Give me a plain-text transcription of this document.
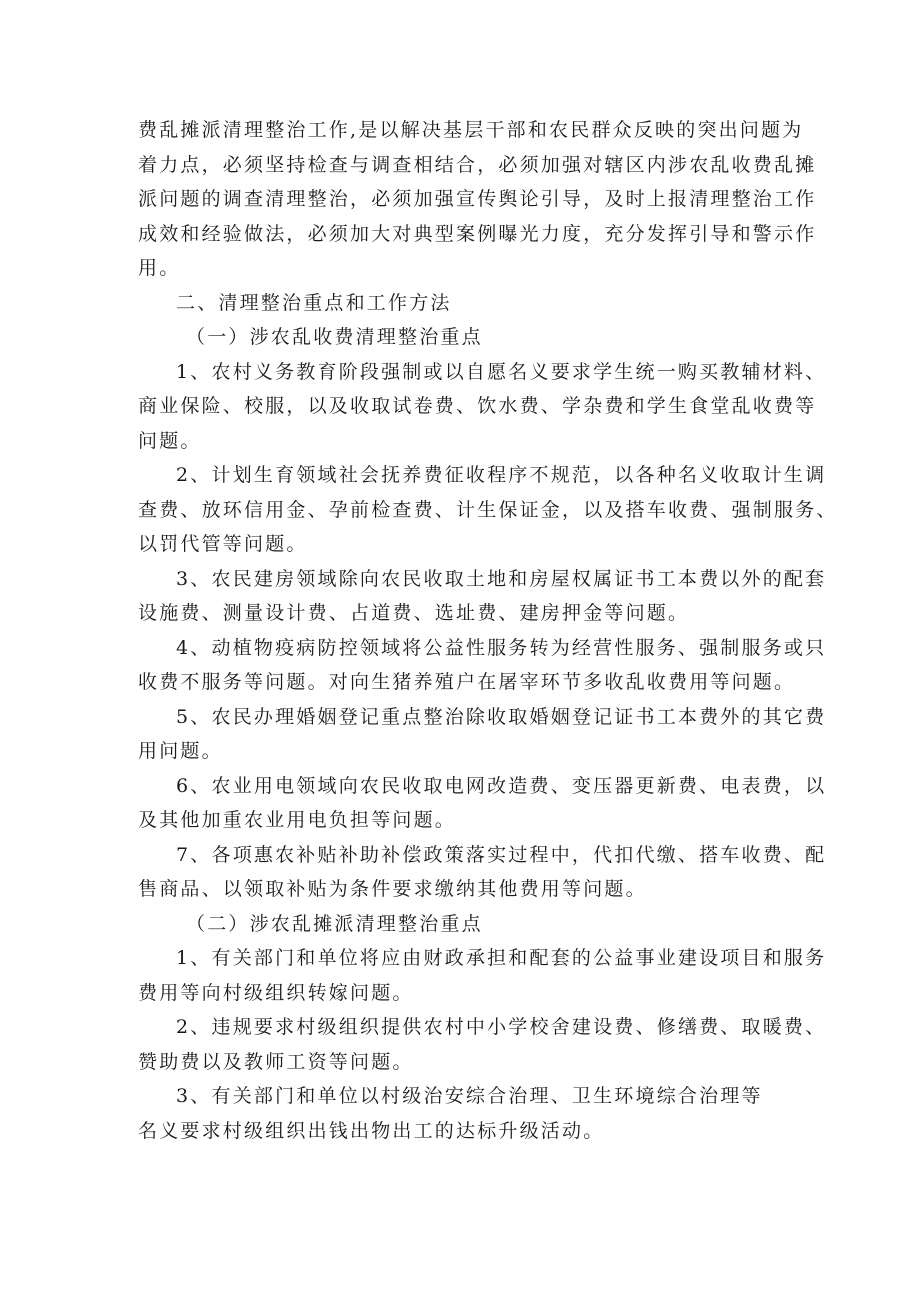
费乱摊派清理整治工作,是以解决基层干部和农民群众反映的突出问题为

着力点，必须坚持检查与调查相结合，必须加强对辖区内涉农乱收费乱摊

派问题的调查清理整治，必须加强宣传舆论引导，及时上报清理整治工作

成效和经验做法，必须加大对典型案例曝光力度，充分发挥引导和警示作

用。

二、清理整治重点和工作方法

（一）涉农乱收费清理整治重点

1、农村义务教育阶段强制或以自愿名义要求学生统一购买教辅材料、

商业保险、校服，以及收取试卷费、饮水费、学杂费和学生食堂乱收费等

问题。

2、计划生育领域社会抚养费征收程序不规范，以各种名义收取计生调

查费、放环信用金、孕前检查费、计生保证金，以及搭车收费、强制服务、

以罚代管等问题。

3、农民建房领域除向农民收取土地和房屋权属证书工本费以外的配套

设施费、测量设计费、占道费、选址费、建房押金等问题。

4、动植物疫病防控领域将公益性服务转为经营性服务、强制服务或只

收费不服务等问题。对向生猪养殖户在屠宰环节多收乱收费用等问题。

5、农民办理婚姻登记重点整治除收取婚姻登记证书工本费外的其它费

用问题。

6、农业用电领域向农民收取电网改造费、变压器更新费、电表费，以

及其他加重农业用电负担等问题。

7、各项惠农补贴补助补偿政策落实过程中，代扣代缴、搭车收费、配

售商品、以领取补贴为条件要求缴纳其他费用等问题。

（二）涉农乱摊派清理整治重点

1、有关部门和单位将应由财政承担和配套的公益事业建设项目和服务

费用等向村级组织转嫁问题。

2、违规要求村级组织提供农村中小学校舍建设费、修缮费、取暖费、

赞助费以及教师工资等问题。

3、有关部门和单位以村级治安综合治理、卫生环境综合治理等

名义要求村级组织出钱出物出工的达标升级活动。
